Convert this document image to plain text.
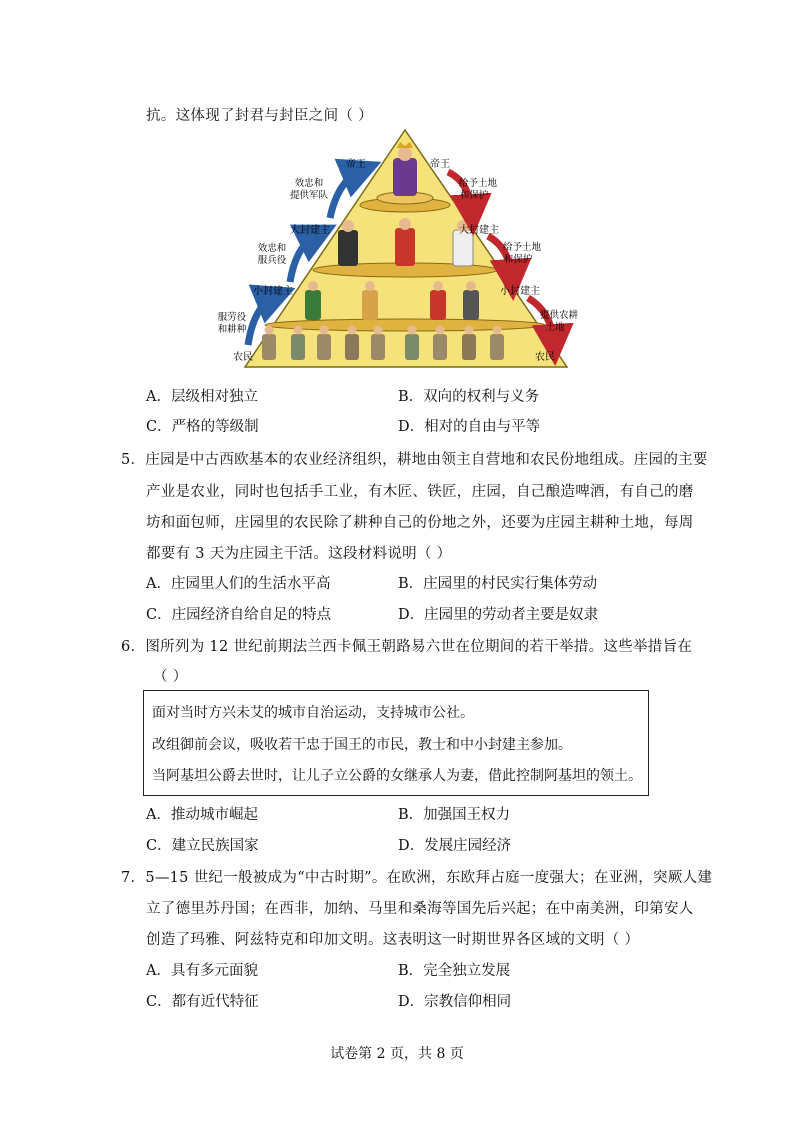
抗。这体现了封君与封臣之间（ ）
帝王	帝王
大封建主	大封建主
小封建主	小封建主
农民	农民
效忠和
提供军队
效忠和
服兵役
服劳役
和耕种
给予土地
和保护
给予土地
和保护
提供农耕
土地
A．层级相对独立	B．双向的权利与义务
C．严格的等级制	D．相对的自由与平等
5．庄园是中古西欧基本的农业经济组织，耕地由领主自营地和农民份地组成。庄园的主要
产业是农业，同时也包括手工业，有木匠、铁匠，庄园，自己酿造啤酒，有自己的磨
坊和面包师，庄园里的农民除了耕种自己的份地之外，还要为庄园主耕种土地，每周
都要有 3 天为庄园主干活。这段材料说明（ ）
A．庄园里人们的生活水平高	B．庄园里的村民实行集体劳动
C．庄园经济自给自足的特点	D．庄园里的劳动者主要是奴隶
6．图所列为 12 世纪前期法兰西卡佩王朝路易六世在位期间的若干举措。这些举措旨在
（ ）
面对当时方兴未艾的城市自治运动，支持城市公社。
改组御前会议，吸收若干忠于国王的市民，教士和中小封建主参加。
当阿基坦公爵去世时，让儿子立公爵的女继承人为妻，借此控制阿基坦的领土。
A．推动城市崛起	B．加强国王权力
C．建立民族国家	D．发展庄园经济
7．5—15 世纪一般被成为“中古时期”。在欧洲，东欧拜占庭一度强大；在亚洲，突厥人建
立了德里苏丹国；在西非，加纳、马里和桑海等国先后兴起；在中南美洲，印第安人
创造了玛雅、阿兹特克和印加文明。这表明这一时期世界各区域的文明（ ）
A．具有多元面貌	B．完全独立发展
C．都有近代特征	D．宗教信仰相同
试卷第 2 页，共 8 页
